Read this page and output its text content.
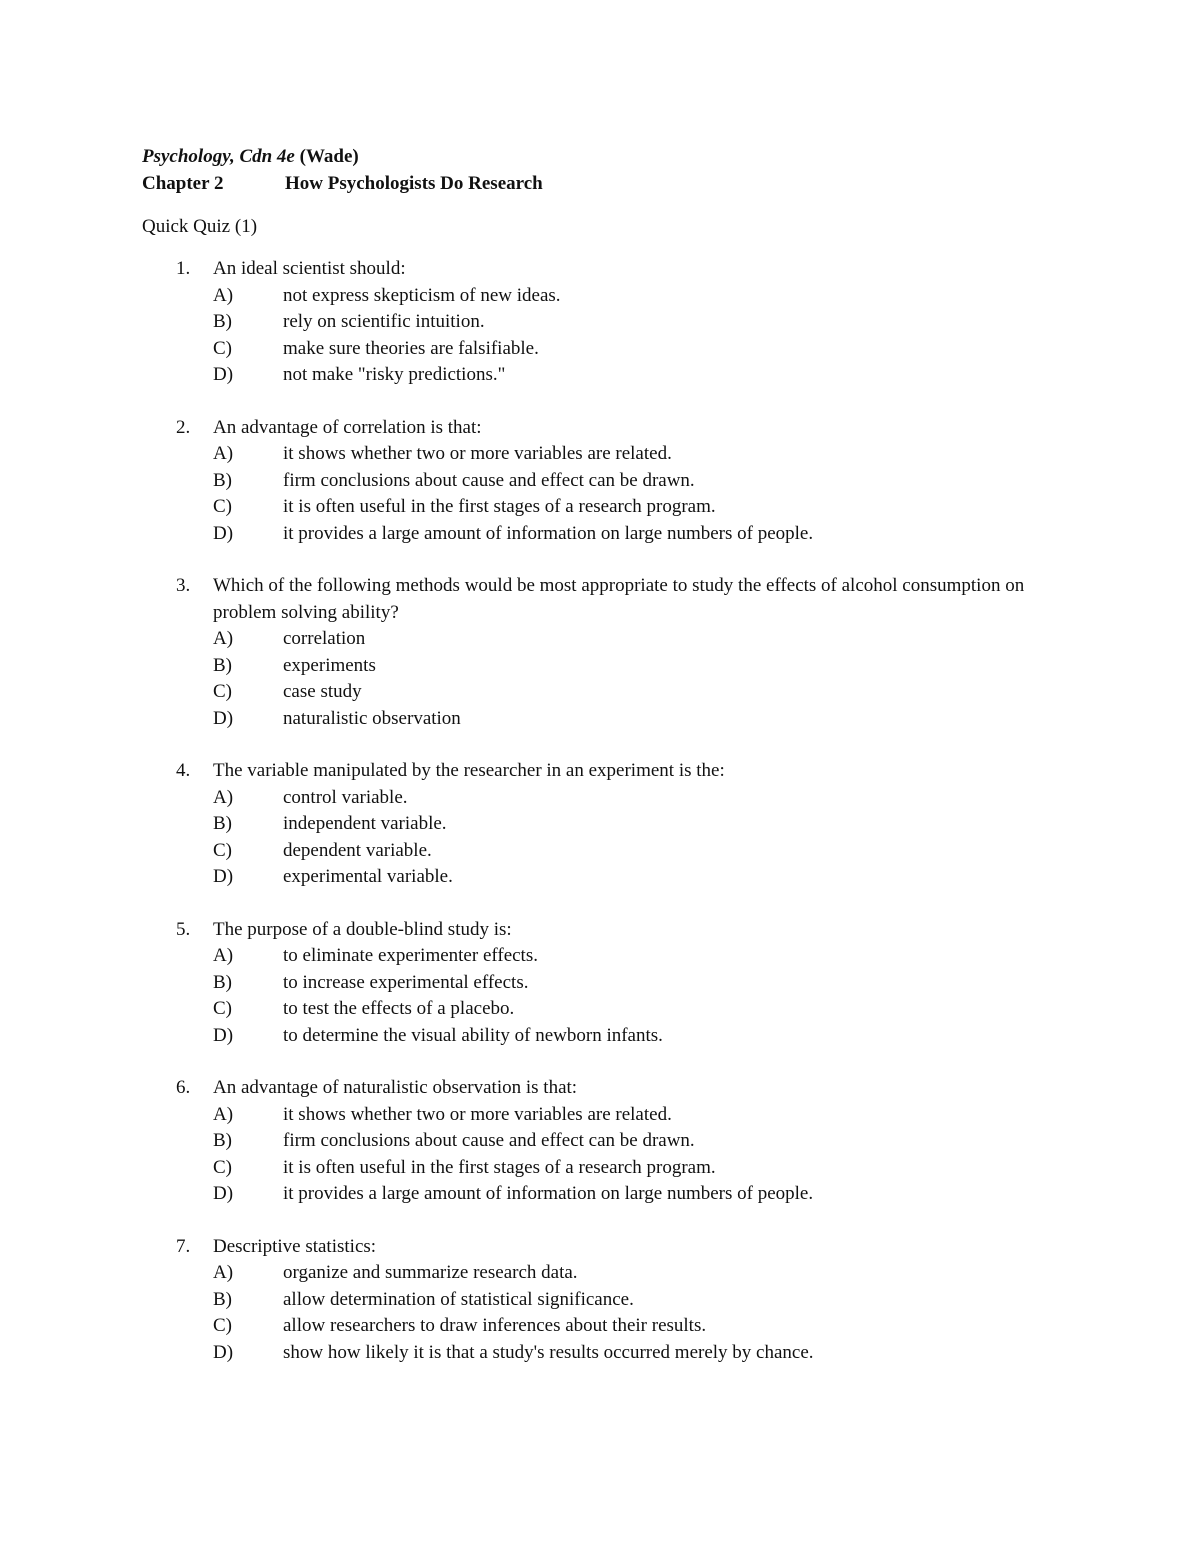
Psychology, Cdn 4e (Wade)
Chapter 2	How Psychologists Do Research
Quick Quiz (1)
1.	An ideal scientist should:
A)	not express skepticism of new ideas.
B)	rely on scientific intuition.
C)	make sure theories are falsifiable.
D)	not make "risky predictions."
2.	An advantage of correlation is that:
A)	it shows whether two or more variables are related.
B)	firm conclusions about cause and effect can be drawn.
C)	it is often useful in the first stages of a research program.
D)	it provides a large amount of information on large numbers of people.
3.	Which of the following methods would be most appropriate to study the effects of alcohol consumption on problem solving ability?
A)	correlation
B)	experiments
C)	case study
D)	naturalistic observation
4.	The variable manipulated by the researcher in an experiment is the:
A)	control variable.
B)	independent variable.
C)	dependent variable.
D)	experimental variable.
5.	The purpose of a double-blind study is:
A)	to eliminate experimenter effects.
B)	to increase experimental effects.
C)	to test the effects of a placebo.
D)	to determine the visual ability of newborn infants.
6.	An advantage of naturalistic observation is that:
A)	it shows whether two or more variables are related.
B)	firm conclusions about cause and effect can be drawn.
C)	it is often useful in the first stages of a research program.
D)	it provides a large amount of information on large numbers of people.
7.	Descriptive statistics:
A)	organize and summarize research data.
B)	allow determination of statistical significance.
C)	allow researchers to draw inferences about their results.
D)	show how likely it is that a study's results occurred merely by chance.
